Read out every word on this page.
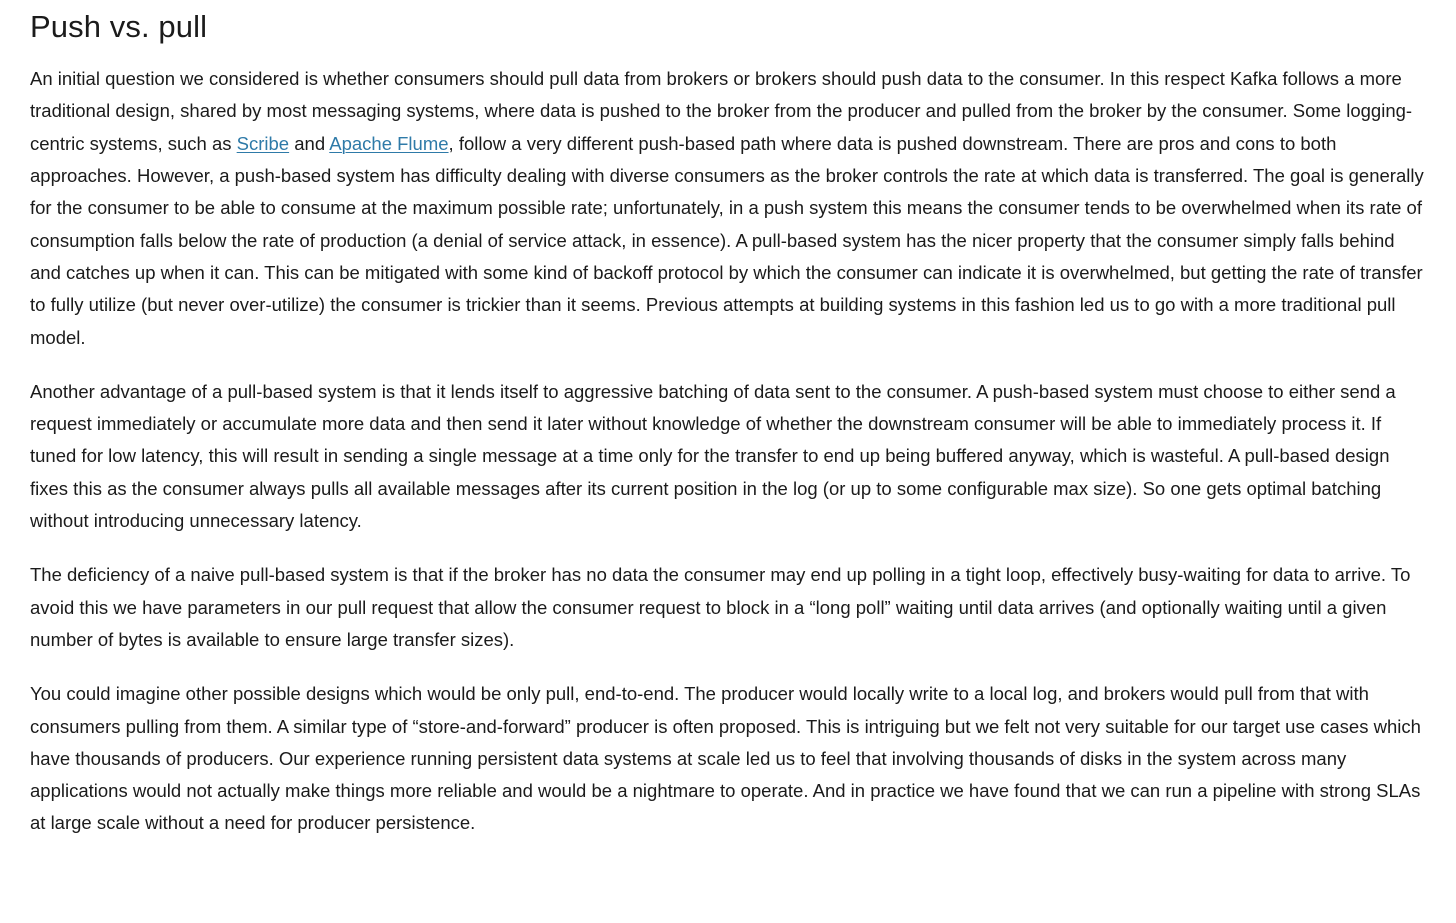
Push vs. pull

An initial question we considered is whether consumers should pull data from brokers or brokers should push data to the consumer. In this respect Kafka follows a more traditional design, shared by most messaging systems, where data is pushed to the broker from the producer and pulled from the broker by the consumer. Some logging-centric systems, such as Scribe and Apache Flume, follow a very different push-based path where data is pushed downstream. There are pros and cons to both approaches. However, a push-based system has difficulty dealing with diverse consumers as the broker controls the rate at which data is transferred. The goal is generally for the consumer to be able to consume at the maximum possible rate; unfortunately, in a push system this means the consumer tends to be overwhelmed when its rate of consumption falls below the rate of production (a denial of service attack, in essence). A pull-based system has the nicer property that the consumer simply falls behind and catches up when it can. This can be mitigated with some kind of backoff protocol by which the consumer can indicate it is overwhelmed, but getting the rate of transfer to fully utilize (but never over-utilize) the consumer is trickier than it seems. Previous attempts at building systems in this fashion led us to go with a more traditional pull model.

Another advantage of a pull-based system is that it lends itself to aggressive batching of data sent to the consumer. A push-based system must choose to either send a request immediately or accumulate more data and then send it later without knowledge of whether the downstream consumer will be able to immediately process it. If tuned for low latency, this will result in sending a single message at a time only for the transfer to end up being buffered anyway, which is wasteful. A pull-based design fixes this as the consumer always pulls all available messages after its current position in the log (or up to some configurable max size). So one gets optimal batching without introducing unnecessary latency.

The deficiency of a naive pull-based system is that if the broker has no data the consumer may end up polling in a tight loop, effectively busy-waiting for data to arrive. To avoid this we have parameters in our pull request that allow the consumer request to block in a “long poll” waiting until data arrives (and optionally waiting until a given number of bytes is available to ensure large transfer sizes).

You could imagine other possible designs which would be only pull, end-to-end. The producer would locally write to a local log, and brokers would pull from that with consumers pulling from them. A similar type of “store-and-forward” producer is often proposed. This is intriguing but we felt not very suitable for our target use cases which have thousands of producers. Our experience running persistent data systems at scale led us to feel that involving thousands of disks in the system across many applications would not actually make things more reliable and would be a nightmare to operate. And in practice we have found that we can run a pipeline with strong SLAs at large scale without a need for producer persistence.
